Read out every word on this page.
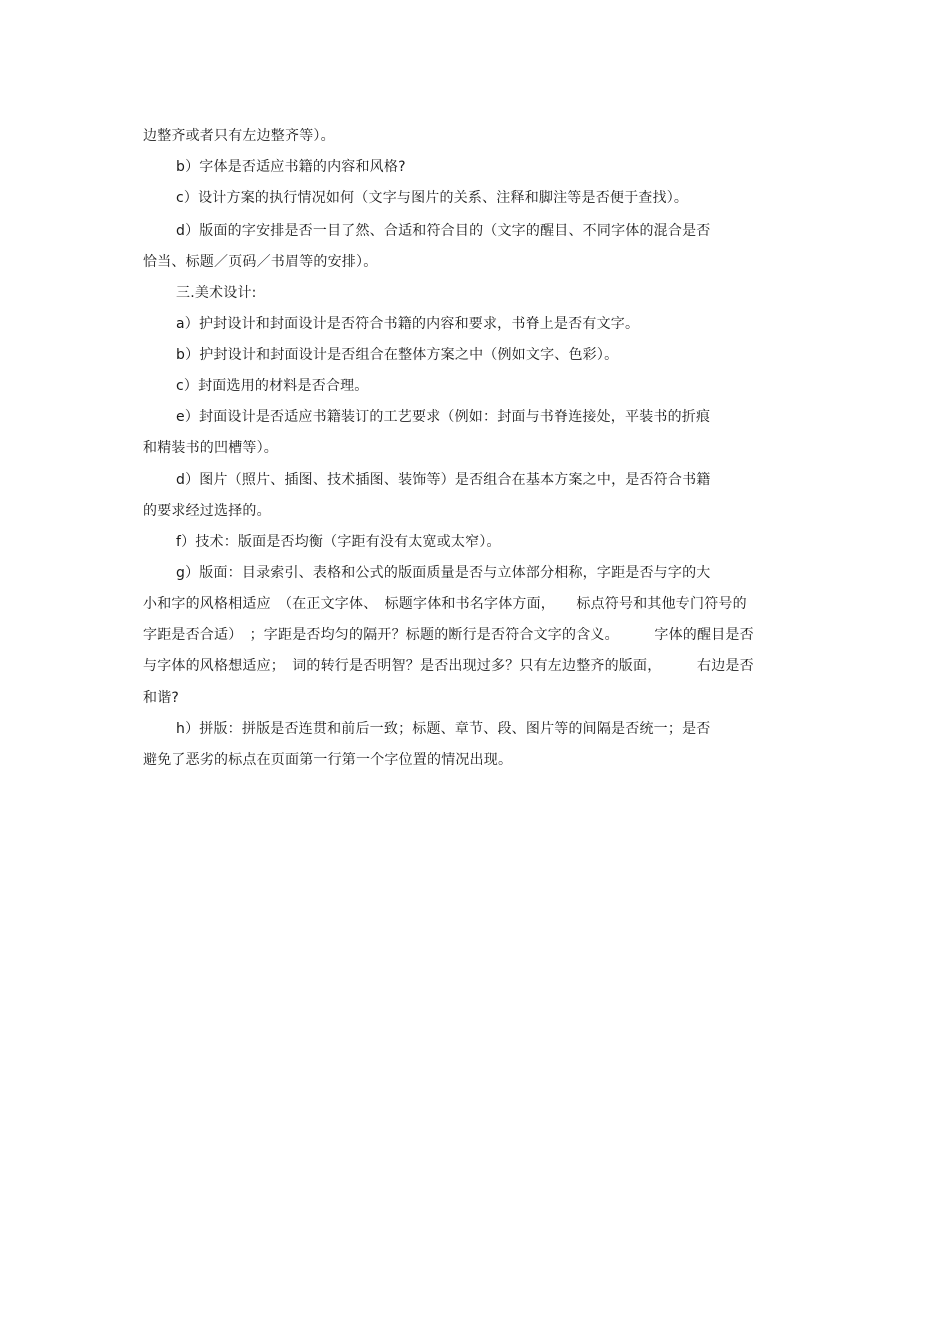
边整齐或者只有左边整齐等）。
b）字体是否适应书籍的内容和风格?
c）设计方案的执行情况如何（文字与图片的关系、注释和脚注等是否便于查找）。
d）版面的字安排是否一目了然、合适和符合目的（文字的醒目、不同字体的混合是否
恰当、标题／页码／书眉等的安排）。
三.美术设计:
a）护封设计和封面设计是否符合书籍的内容和要求，书脊上是否有文字。
b）护封设计和封面设计是否组合在整体方案之中（例如文字、色彩）。
c）封面选用的材料是否合理。
e）封面设计是否适应书籍装订的工艺要求（例如：封面与书脊连接处，平装书的折痕
和精装书的凹槽等）。
d）图片（照片、插图、技术插图、装饰等）是否组合在基本方案之中，是否符合书籍
的要求经过选择的。
f）技术：版面是否均衡（字距有没有太宽或太窄）。
g）版面：目录索引、表格和公式的版面质量是否与立体部分相称，字距是否与字的大
小和字的风格相适应　（在正文字体、　标题字体和书名字体方面，　　标点符号和其他专门符号的
字距是否合适）　；字距是否均匀的隔开？标题的断行是否符合文字的含义。　　　字体的醒目是否
与字体的风格想适应；　词的转行是否明智？是否出现过多？只有左边整齐的版面，　　　右边是否
和谐?
h）拼版：拼版是否连贯和前后一致；标题、章节、段、图片等的间隔是否统一；是否
避免了恶劣的标点在页面第一行第一个字位置的情况出现。
